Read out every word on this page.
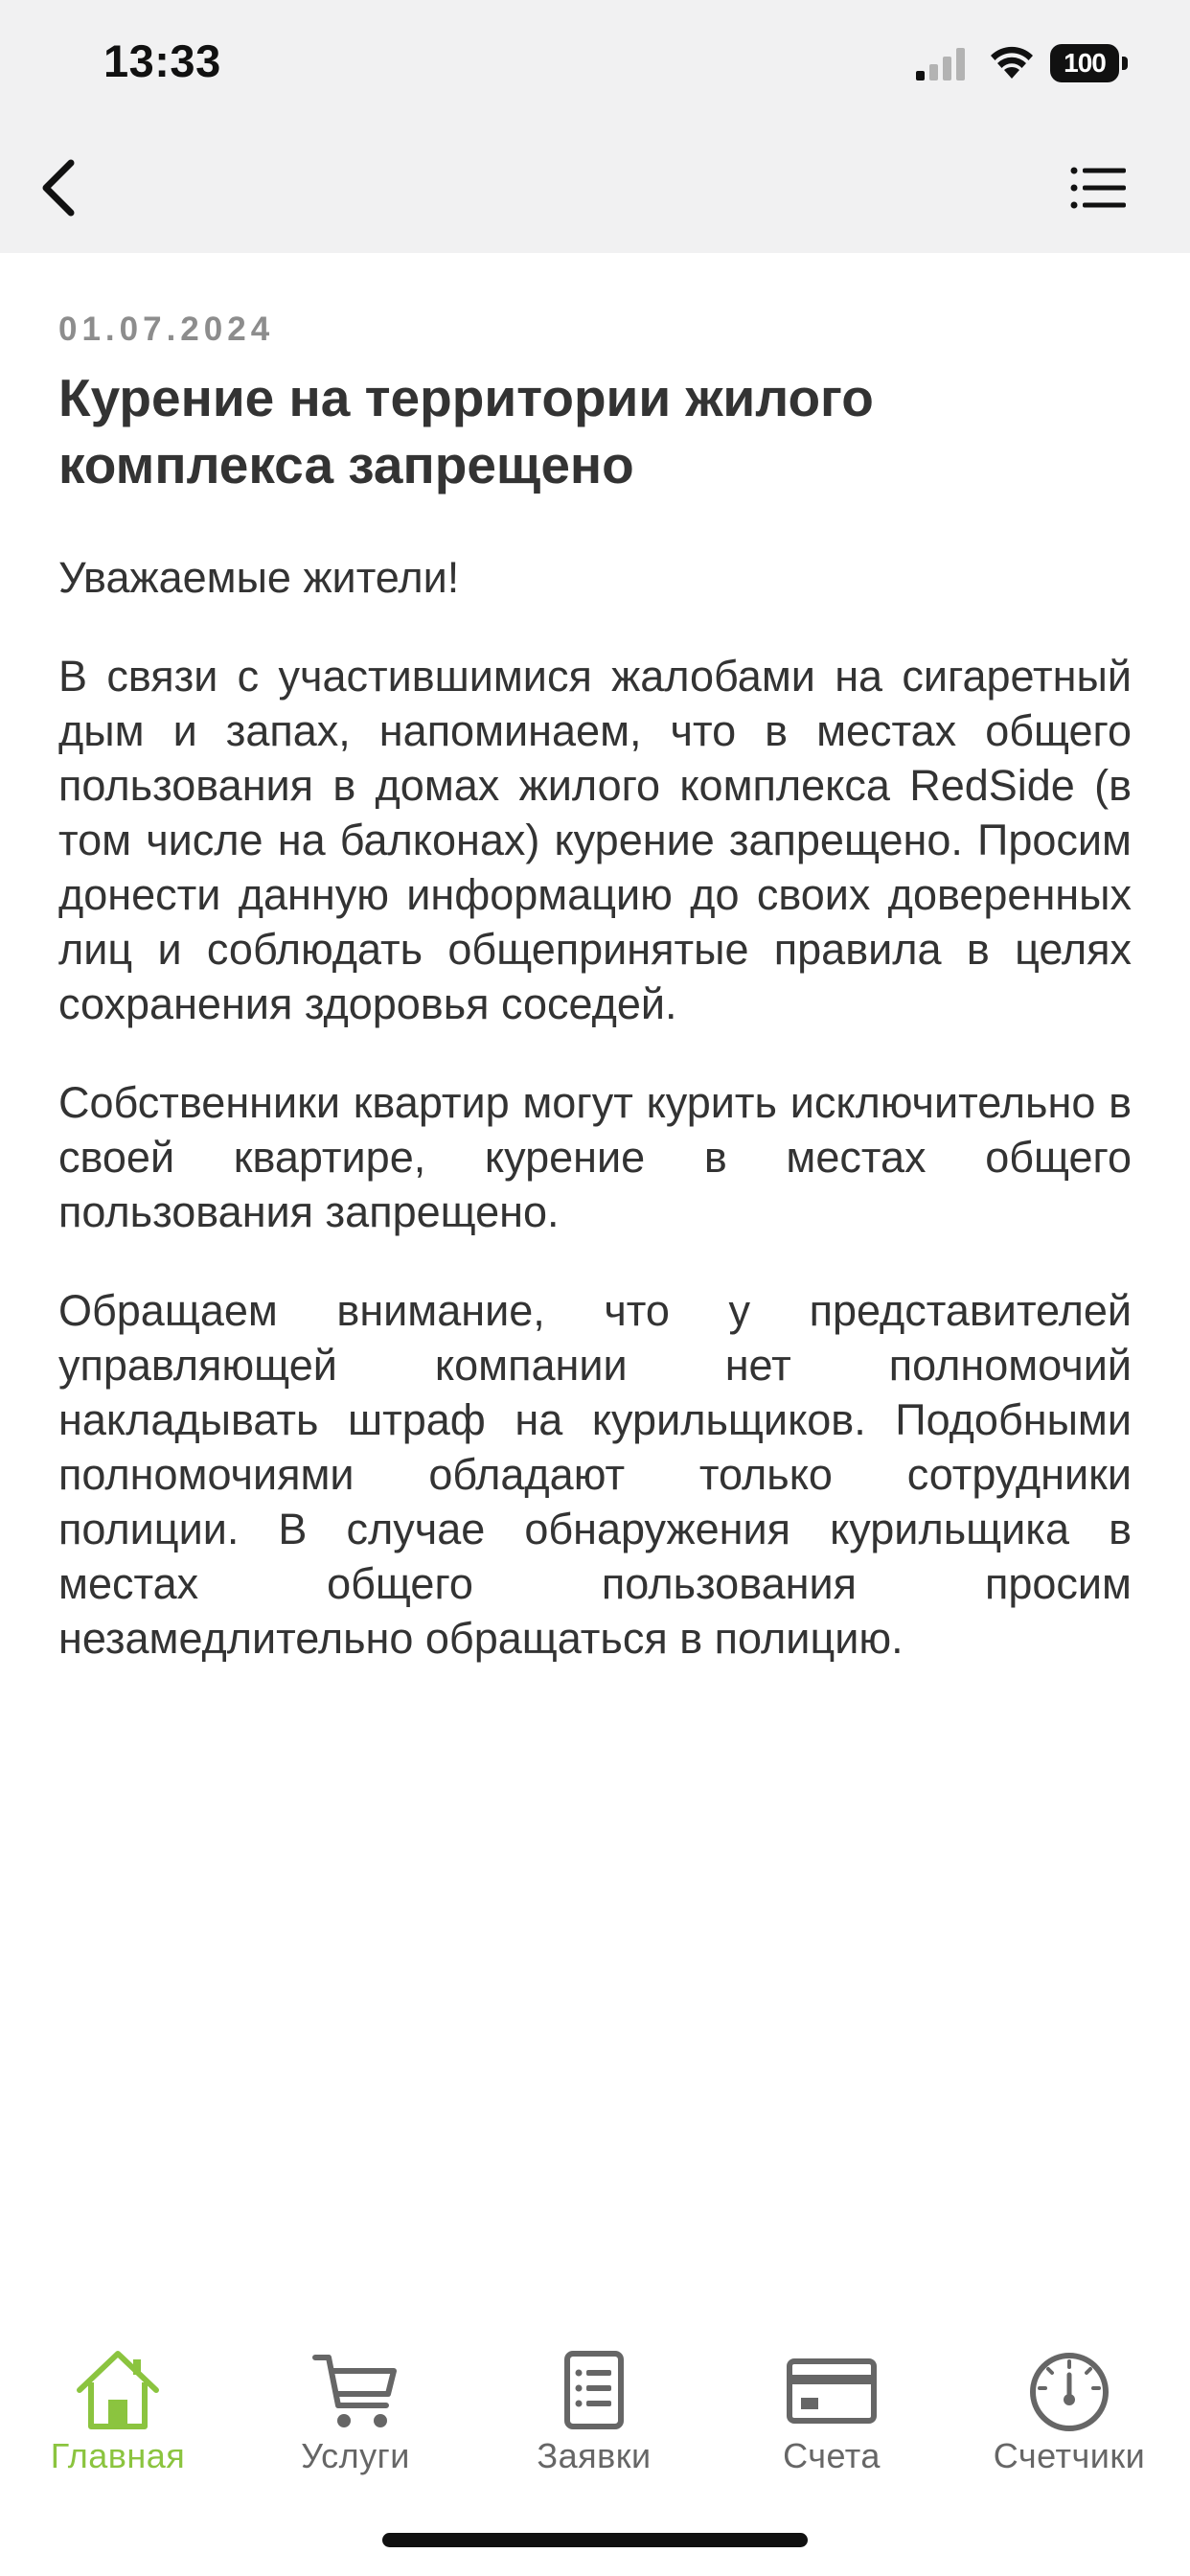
13:33	100

01.07.2024

Курение на территории жилого комплекса запрещено

Уважаемые жители!

В связи с участившимися жалобами на сигаретный дым и запах, напоминаем, что в местах общего пользования в домах жилого комплекса RedSide (в том числе на балконах) курение запрещено. Просим донести данную информацию до своих доверенных лиц и соблюдать общепринятые правила в целях сохранения здоровья соседей.

Собственники квартир могут курить исключительно в своей квартире, курение в местах общего пользования запрещено.

Обращаем внимание, что у представителей управляющей компании нет полномочий накладывать штраф на курильщиков. Подобными полномочиями обладают только сотрудники полиции. В случае обнаружения курильщика в местах общего пользования просим незамедлительно обращаться в полицию.

Главная	Услуги	Заявки	Счета	Счетчики
